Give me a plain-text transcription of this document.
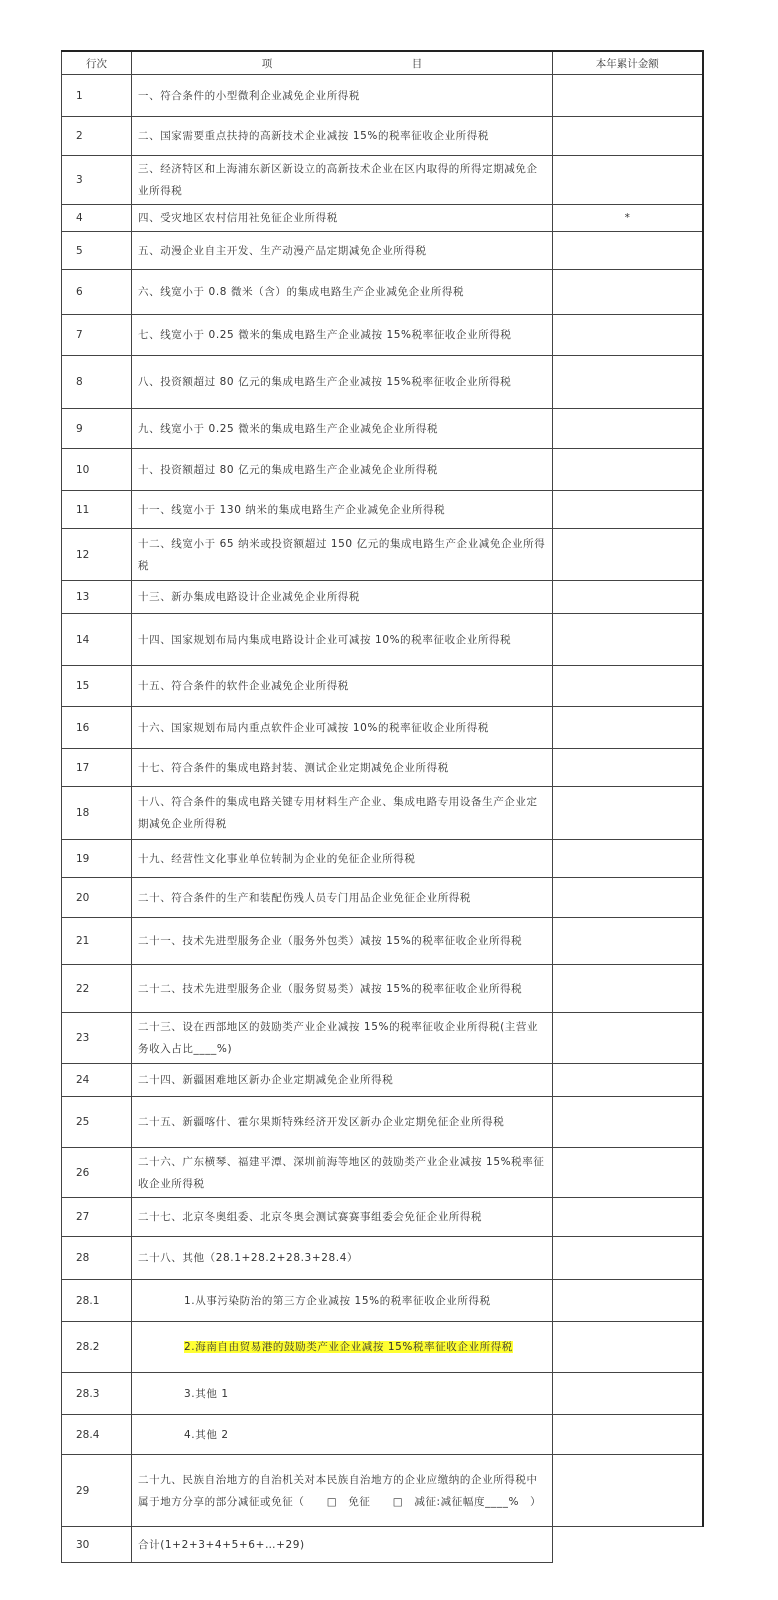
行次	项 目	本年累计金额
1	一、符合条件的小型微利企业减免企业所得税	
2	二、国家需要重点扶持的高新技术企业减按 15%的税率征收企业所得税	
3	三、经济特区和上海浦东新区新设立的高新技术企业在区内取得的所得定期减免企业所得税	
4	四、受灾地区农村信用社免征企业所得税	*
5	五、动漫企业自主开发、生产动漫产品定期减免企业所得税	
6	六、线宽小于 0.8 微米（含）的集成电路生产企业减免企业所得税	
7	七、线宽小于 0.25 微米的集成电路生产企业减按 15%税率征收企业所得税	
8	八、投资额超过 80 亿元的集成电路生产企业减按 15%税率征收企业所得税	
9	九、线宽小于 0.25 微米的集成电路生产企业减免企业所得税	
10	十、投资额超过 80 亿元的集成电路生产企业减免企业所得税	
11	十一、线宽小于 130 纳米的集成电路生产企业减免企业所得税	
12	十二、线宽小于 65 纳米或投资额超过 150 亿元的集成电路生产企业减免企业所得税	
13	十三、新办集成电路设计企业减免企业所得税	
14	十四、国家规划布局内集成电路设计企业可减按 10%的税率征收企业所得税	
15	十五、符合条件的软件企业减免企业所得税	
16	十六、国家规划布局内重点软件企业可减按 10%的税率征收企业所得税	
17	十七、符合条件的集成电路封装、测试企业定期减免企业所得税	
18	十八、符合条件的集成电路关键专用材料生产企业、集成电路专用设备生产企业定期减免企业所得税	
19	十九、经营性文化事业单位转制为企业的免征企业所得税	
20	二十、符合条件的生产和装配伤残人员专门用品企业免征企业所得税	
21	二十一、技术先进型服务企业（服务外包类）减按 15%的税率征收企业所得税	
22	二十二、技术先进型服务企业（服务贸易类）减按 15%的税率征收企业所得税	
23	二十三、设在西部地区的鼓励类产业企业减按 15%的税率征收企业所得税(主营业务收入占比____%)	
24	二十四、新疆困难地区新办企业定期减免企业所得税	
25	二十五、新疆喀什、霍尔果斯特殊经济开发区新办企业定期免征企业所得税	
26	二十六、广东横琴、福建平潭、深圳前海等地区的鼓励类产业企业减按 15%税率征收企业所得税	
27	二十七、北京冬奥组委、北京冬奥会测试赛赛事组委会免征企业所得税	
28	二十八、其他（28.1+28.2+28.3+28.4）	
28.1	1.从事污染防治的第三方企业减按 15%的税率征收企业所得税	
28.2	2.海南自由贸易港的鼓励类产业企业减按 15%税率征收企业所得税	
28.3	3.其他 1	
28.4	4.其他 2	
29	二十九、民族自治地方的自治机关对本民族自治地方的企业应缴纳的企业所得税中属于地方分享的部分减征或免征（　　□　免征　　□　减征:减征幅度____%　）	
30	合计(1+2+3+4+5+6+…+29)	
